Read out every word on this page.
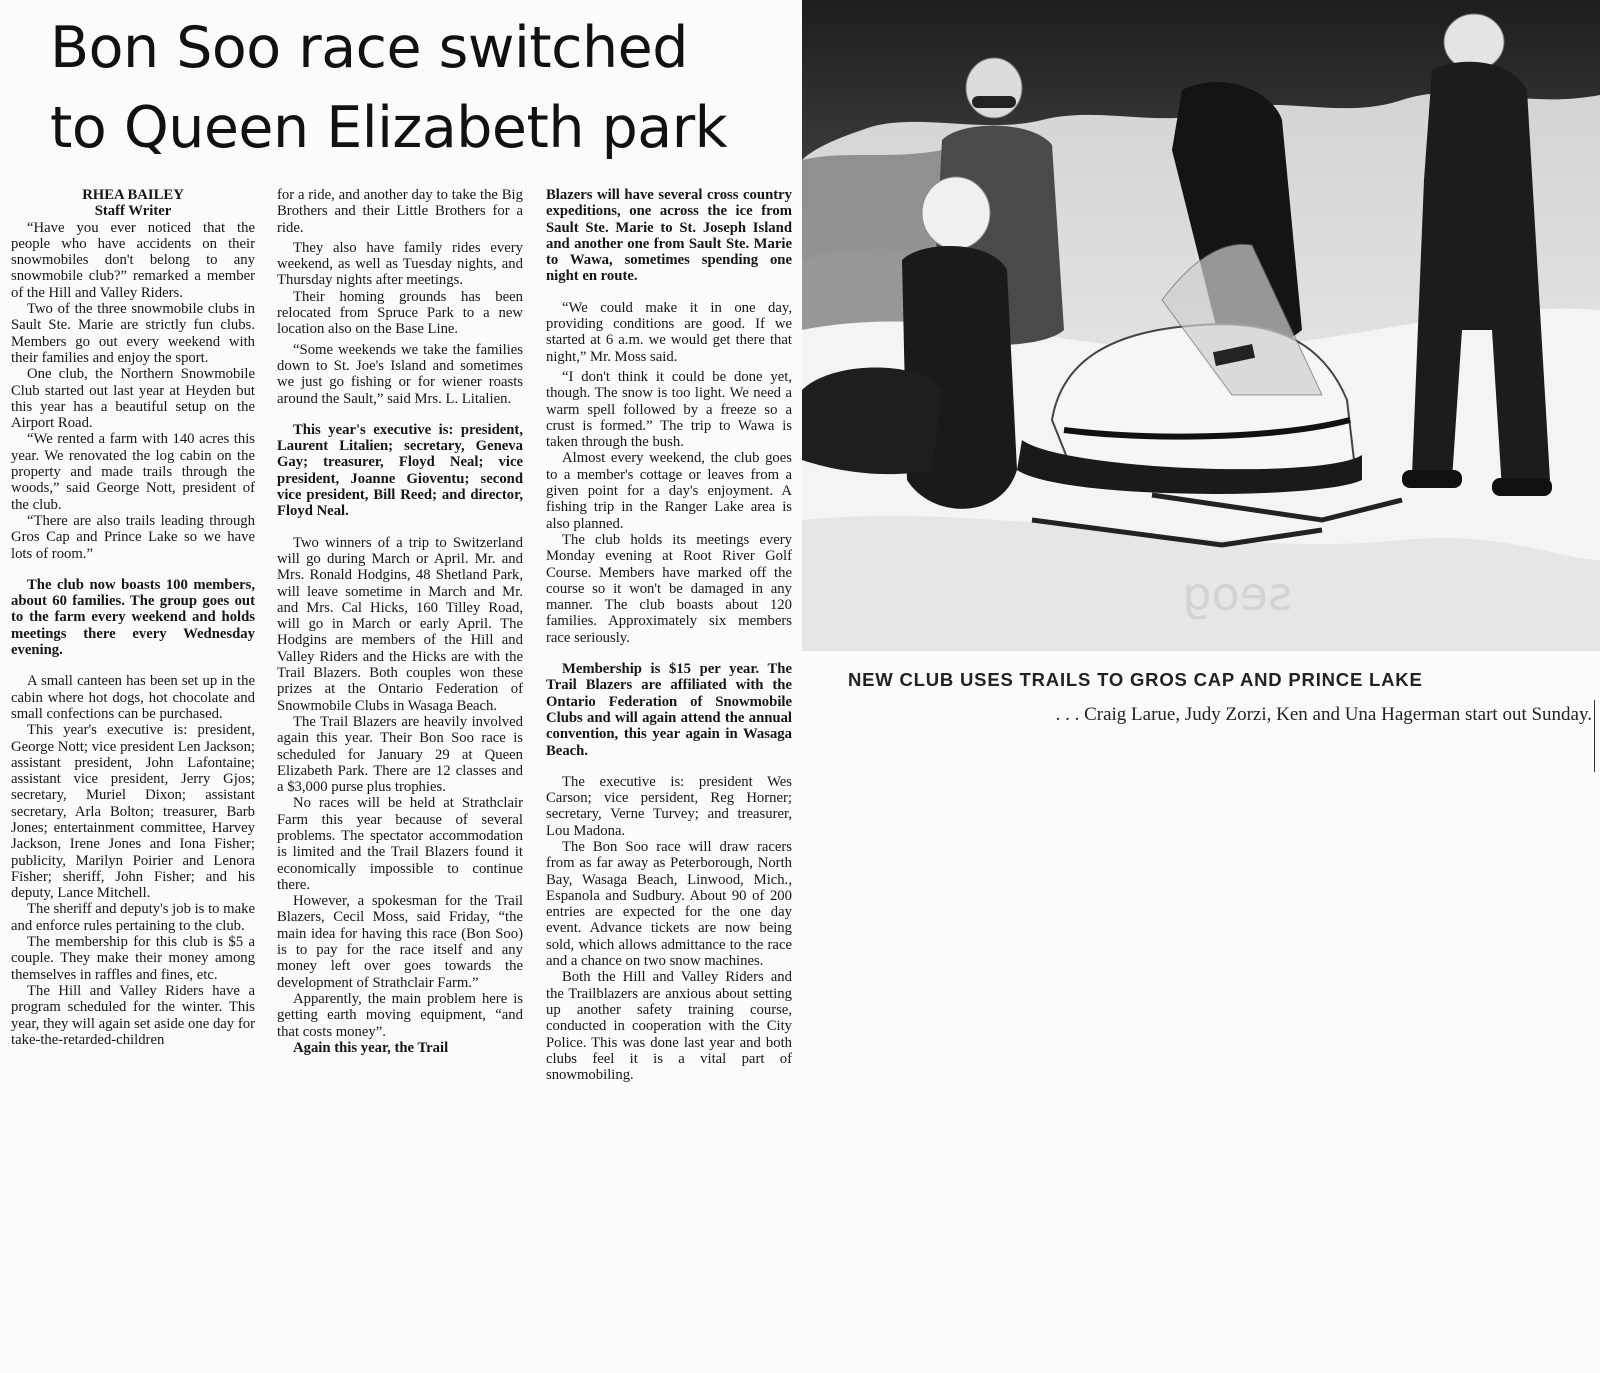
Bon Soo race switched
to Queen Elizabeth park

RHEA BAILEY

Staff Writer

“Have you ever noticed that the people who have accidents on their snowmobiles don't belong to any snowmobile club?” remarked a member of the Hill and Valley Riders.

Two of the three snowmobile clubs in Sault Ste. Marie are strictly fun clubs. Members go out every weekend with their families and enjoy the sport.

One club, the Northern Snowmobile Club started out last year at Heyden but this year has a beautiful setup on the Airport Road.

“We rented a farm with 140 acres this year. We renovated the log cabin on the property and made trails through the woods,” said George Nott, president of the club.

“There are also trails leading through Gros Cap and Prince Lake so we have lots of room.”

The club now boasts 100 members, about 60 families. The group goes out to the farm every weekend and holds meetings there every Wednesday evening.

A small canteen has been set up in the cabin where hot dogs, hot chocolate and small confections can be purchased.

This year's executive is: president, George Nott; vice president Len Jackson; assistant president, John Lafontaine; assistant vice president, Jerry Gjos; secretary, Muriel Dixon; assistant secretary, Arla Bolton; treasurer, Barb Jones; entertainment committee, Harvey Jackson, Irene Jones and Iona Fisher; publicity, Marilyn Poirier and Lenora Fisher; sheriff, John Fisher; and his deputy, Lance Mitchell.

The sheriff and deputy's job is to make and enforce rules pertaining to the club.

The membership for this club is $5 a couple. They make their money among themselves in raffles and fines, etc.

The Hill and Valley Riders have a program scheduled for the winter. This year, they will again set aside one day for take-the-retarded-children

for a ride, and another day to take the Big Brothers and their Little Brothers for a ride.

They also have family rides every weekend, as well as Tuesday nights, and Thursday nights after meetings.

Their homing grounds has been relocated from Spruce Park to a new location also on the Base Line.

“Some weekends we take the families down to St. Joe's Island and sometimes we just go fishing or for wiener roasts around the Sault,” said Mrs. L. Litalien.

This year's executive is: president, Laurent Litalien; secretary, Geneva Gay; treasurer, Floyd Neal; vice president, Joanne Gioventu; second vice president, Bill Reed; and director, Floyd Neal.

Two winners of a trip to Switzerland will go during March or April. Mr. and Mrs. Ronald Hodgins, 48 Shetland Park, will leave sometime in March and Mr. and Mrs. Cal Hicks, 160 Tilley Road, will go in March or early April. The Hodgins are members of the Hill and Valley Riders and the Hicks are with the Trail Blazers. Both couples won these prizes at the Ontario Federation of Snowmobile Clubs in Wasaga Beach.

The Trail Blazers are heavily involved again this year. Their Bon Soo race is scheduled for January 29 at Queen Elizabeth Park. There are 12 classes and a $3,000 purse plus trophies.

No races will be held at Strathclair Farm this year because of several problems. The spectator accommodation is limited and the Trail Blazers found it economically impossible to continue there.

However, a spokesman for the Trail Blazers, Cecil Moss, said Friday, “the main idea for having this race (Bon Soo) is to pay for the race itself and any money left over goes towards the development of Strathclair Farm.”

Apparently, the main problem here is getting earth moving equipment, “and that costs money”.

Again this year, the Trail

Blazers will have several cross country expeditions, one across the ice from Sault Ste. Marie to St. Joseph Island and another one from Sault Ste. Marie to Wawa, sometimes spending one night en route.

“We could make it in one day, providing conditions are good. If we started at 6 a.m. we would get there that night,” Mr. Moss said.

“I don't think it could be done yet, though. The snow is too light. We need a warm spell followed by a freeze so a crust is formed.” The trip to Wawa is taken through the bush.

Almost every weekend, the club goes to a member's cottage or leaves from a given point for a day's enjoyment. A fishing trip in the Ranger Lake area is also planned.

The club holds its meetings every Monday evening at Root River Golf Course. Members have marked off the course so it won't be damaged in any manner. The club boasts about 120 families. Approximately six members race seriously.

Membership is $15 per year. The Trail Blazers are affiliated with the Ontario Federation of Snowmobile Clubs and will again attend the annual convention, this year again in Wasaga Beach.

The executive is: president Wes Carson; vice persident, Reg Horner; secretary, Verne Turvey; and treasurer, Lou Madona.

The Bon Soo race will draw racers from as far away as Peterborough, North Bay, Wasaga Beach, Linwood, Mich., Espanola and Sudbury. About 90 of 200 entries are expected for the one day event. Advance tickets are now being sold, which allows admittance to the race and a chance on two snow machines.

Both the Hill and Valley Riders and the Trailblazers are anxious about setting up another safety training course, conducted in cooperation with the City Police. This was done last year and both clubs feel it is a vital part of snowmobiling.

seog
NEW CLUB USES TRAILS TO GROS CAP AND PRINCE LAKE
. . . Craig Larue, Judy Zorzi, Ken and Una Hagerman start out Sunday.
